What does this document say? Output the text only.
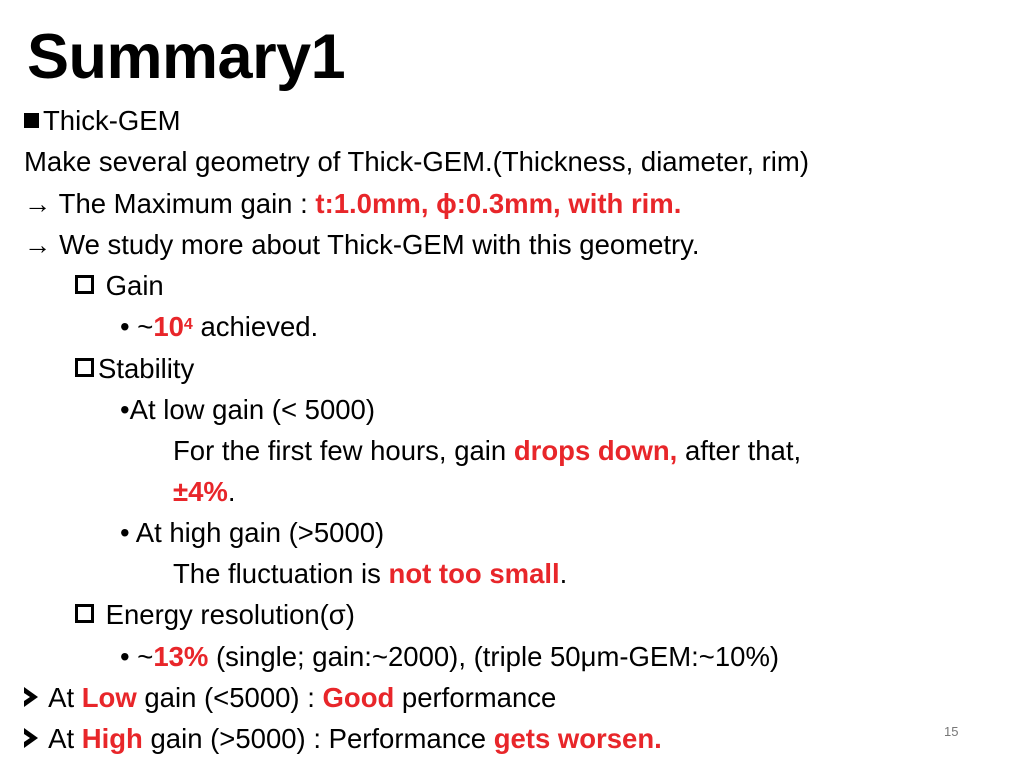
Summary1
Thick-GEM
Make several geometry of Thick-GEM.(Thickness, diameter, rim)
→ The Maximum gain : t:1.0mm, ϕ:0.3mm, with rim.
→ We study more about Thick-GEM with this geometry.
Gain
• $\sim 10^4$ achieved.
Stability
•At low gain (< 5000)
For the first few hours, gain drops down, after that,
±4%.
• At high gain (>5000)
The fluctuation is not too small.
Energy resolution(σ)
• ~13% (single; gain:~2000), (triple 50μm-GEM:~10%)
At Low gain (<5000) : Good performance
At High gain (>5000) : Performance gets worsen.	15
